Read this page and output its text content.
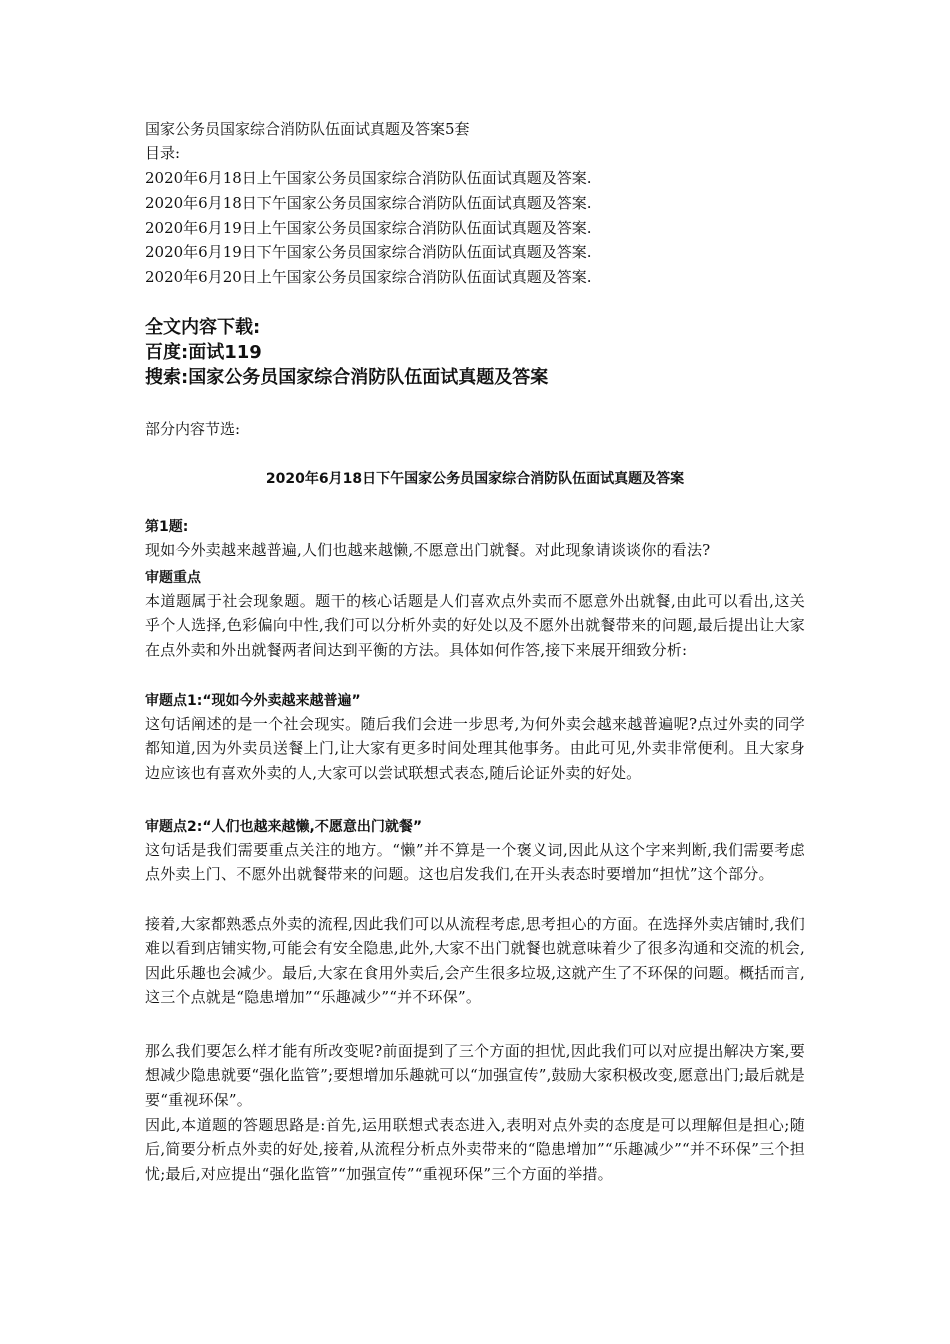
国家公务员国家综合消防队伍面试真题及答案5套
目录:
2020年6月18日上午国家公务员国家综合消防队伍面试真题及答案.
2020年6月18日下午国家公务员国家综合消防队伍面试真题及答案.
2020年6月19日上午国家公务员国家综合消防队伍面试真题及答案.
2020年6月19日下午国家公务员国家综合消防队伍面试真题及答案.
2020年6月20日上午国家公务员国家综合消防队伍面试真题及答案.
全文内容下载:
百度:面试119
搜索:国家公务员国家综合消防队伍面试真题及答案
部分内容节选:
2020年6月18日下午国家公务员国家综合消防队伍面试真题及答案
第1题:
现如今外卖越来越普遍,人们也越来越懒,不愿意出门就餐。对此现象请谈谈你的看法?
审题重点
本道题属于社会现象题。题干的核心话题是人们喜欢点外卖而不愿意外出就餐,由此可以看出,这关乎个人选择,色彩偏向中性,我们可以分析外卖的好处以及不愿外出就餐带来的问题,最后提出让大家在点外卖和外出就餐两者间达到平衡的方法。具体如何作答,接下来展开细致分析:
审题点1:“现如今外卖越来越普遍”
这句话阐述的是一个社会现实。随后我们会进一步思考,为何外卖会越来越普遍呢?点过外卖的同学都知道,因为外卖员送餐上门,让大家有更多时间处理其他事务。由此可见,外卖非常便利。且大家身边应该也有喜欢外卖的人,大家可以尝试联想式表态,随后论证外卖的好处。
审题点2:“人们也越来越懒,不愿意出门就餐”
这句话是我们需要重点关注的地方。“懒”并不算是一个褒义词,因此从这个字来判断,我们需要考虑点外卖上门、不愿外出就餐带来的问题。这也启发我们,在开头表态时要增加“担忧”这个部分。
接着,大家都熟悉点外卖的流程,因此我们可以从流程考虑,思考担心的方面。在选择外卖店铺时,我们难以看到店铺实物,可能会有安全隐患,此外,大家不出门就餐也就意味着少了很多沟通和交流的机会,因此乐趣也会减少。最后,大家在食用外卖后,会产生很多垃圾,这就产生了不环保的问题。概括而言,这三个点就是“隐患增加”“乐趣减少”“并不环保”。
那么我们要怎么样才能有所改变呢?前面提到了三个方面的担忧,因此我们可以对应提出解决方案,要想减少隐患就要“强化监管”;要想增加乐趣就可以“加强宣传”,鼓励大家积极改变,愿意出门;最后就是要“重视环保”。
因此,本道题的答题思路是:首先,运用联想式表态进入,表明对点外卖的态度是可以理解但是担心;随后,简要分析点外卖的好处,接着,从流程分析点外卖带来的“隐患增加”“乐趣减少”“并不环保”三个担忧;最后,对应提出“强化监管”“加强宣传”“重视环保”三个方面的举措。
